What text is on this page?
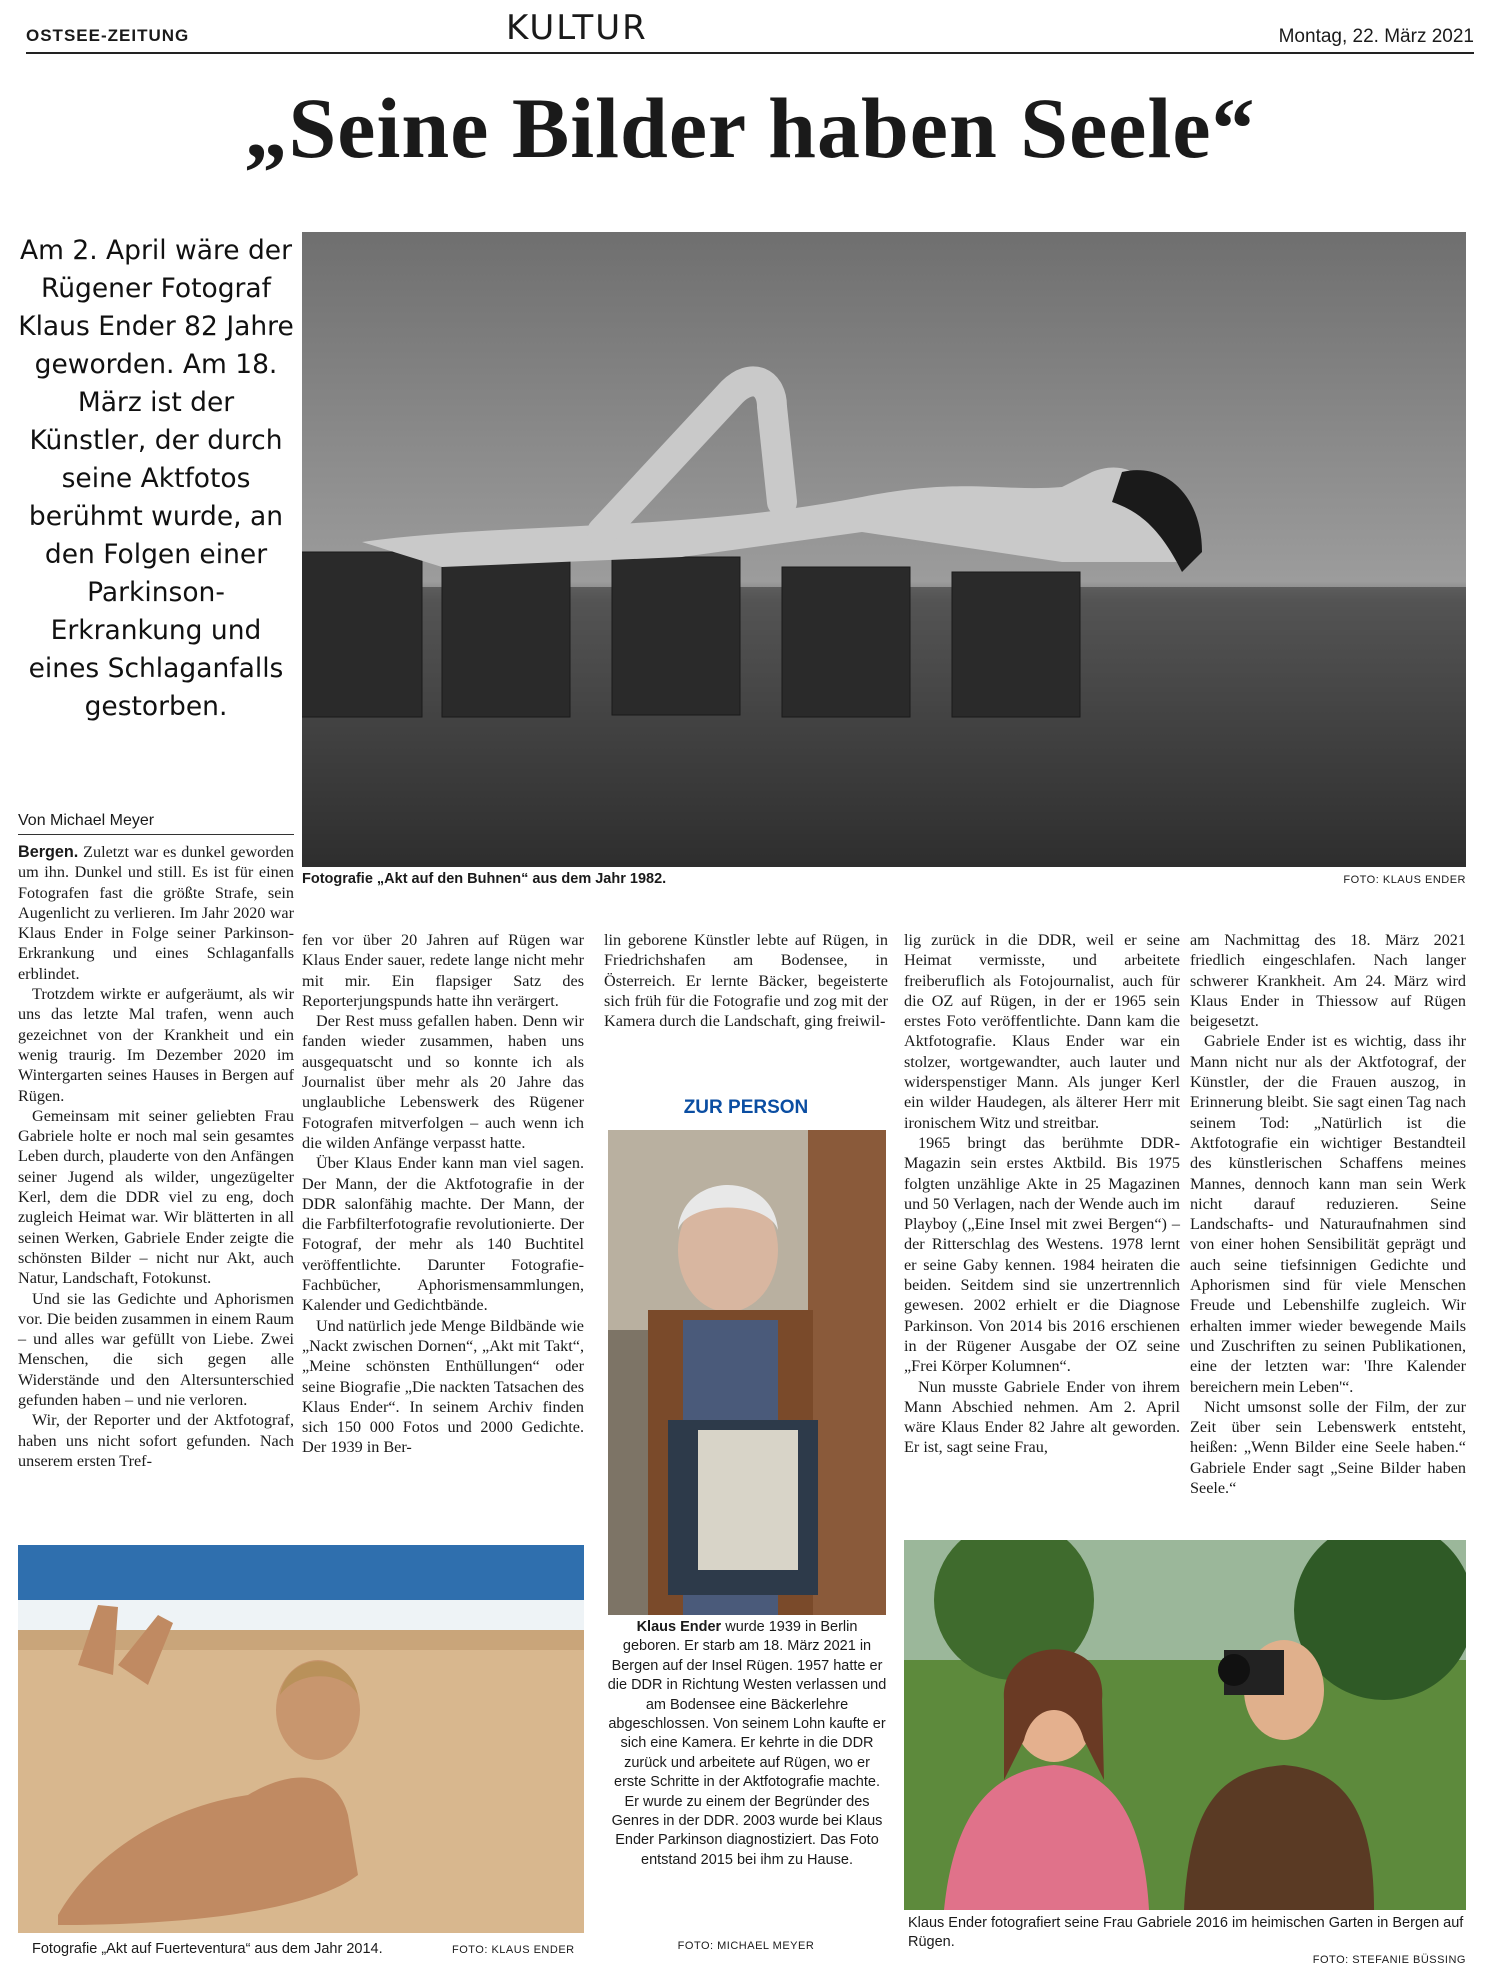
OSTSEE-ZEITUNG	KULTUR	Montag, 22. März 2021
„Seine Bilder haben Seele“
Am 2. April wäre der Rügener Fotograf Klaus Ender 82 Jahre geworden. Am 18. März ist der Künstler, der durch seine Aktfotos berühmt wurde, an den Folgen einer Parkinson-Erkrankung und eines Schlaganfalls gestorben.
Von Michael Meyer
Fotografie „Akt auf den Buhnen“ aus dem Jahr 1982.	FOTO: KLAUS ENDER

Bergen. Zuletzt war es dunkel geworden um ihn. Dunkel und still. Es ist für einen Fotografen fast die größte Strafe, sein Augenlicht zu verlieren. Im Jahr 2020 war Klaus Ender in Folge seiner Parkinson-Erkrankung und eines Schlaganfalls erblindet.

Trotzdem wirkte er aufgeräumt, als wir uns das letzte Mal trafen, wenn auch gezeichnet von der Krankheit und ein wenig traurig. Im Dezember 2020 im Wintergarten seines Hauses in Bergen auf Rügen.

Gemeinsam mit seiner geliebten Frau Gabriele holte er noch mal sein gesamtes Leben durch, plauderte von den Anfängen seiner Jugend als wilder, ungezügelter Kerl, dem die DDR viel zu eng, doch zugleich Heimat war. Wir blätterten in all seinen Werken, Gabriele Ender zeigte die schönsten Bilder – nicht nur Akt, auch Natur, Landschaft, Fotokunst.

Und sie las Gedichte und Aphorismen vor. Die beiden zusammen in einem Raum – und alles war gefüllt von Liebe. Zwei Menschen, die sich gegen alle Widerstände und den Altersunterschied gefunden haben – und nie verloren.

Wir, der Reporter und der Aktfotograf, haben uns nicht sofort gefunden. Nach unserem ersten Tref-

fen vor über 20 Jahren auf Rügen war Klaus Ender sauer, redete lange nicht mehr mit mir. Ein flapsiger Satz des Reporterjungspunds hatte ihn verärgert.

Der Rest muss gefallen haben. Denn wir fanden wieder zusammen, haben uns ausgequatscht und so konnte ich als Journalist über mehr als 20 Jahre das unglaubliche Lebenswerk des Rügener Fotografen mitverfolgen – auch wenn ich die wilden Anfänge verpasst hatte.

Über Klaus Ender kann man viel sagen. Der Mann, der die Aktfotografie in der DDR salonfähig machte. Der Mann, der die Farbfilterfotografie revolutionierte. Der Fotograf, der mehr als 140 Buchtitel veröffentlichte. Darunter Fotografie-Fachbücher, Aphorismensammlungen, Kalender und Gedichtbände.

Und natürlich jede Menge Bildbände wie „Nackt zwischen Dornen“, „Akt mit Takt“, „Meine schönsten Enthüllungen“ oder seine Biografie „Die nackten Tatsachen des Klaus Ender“. In seinem Archiv finden sich 150 000 Fotos und 2000 Gedichte. Der 1939 in Ber-

lin geborene Künstler lebte auf Rügen, in Friedrichshafen am Bodensee, in Österreich. Er lernte Bäcker, begeisterte sich früh für die Fotografie und zog mit der Kamera durch die Landschaft, ging freiwil-

ZUR PERSON
Klaus Ender wurde 1939 in Berlin geboren. Er starb am 18. März 2021 in Bergen auf der Insel Rügen. 1957 hatte er die DDR in Richtung Westen verlassen und am Bodensee eine Bäckerlehre abgeschlossen. Von seinem Lohn kaufte er sich eine Kamera. Er kehrte in die DDR zurück und arbeitete auf Rügen, wo er erste Schritte in der Aktfotografie machte. Er wurde zu einem der Begründer des Genres in der DDR. 2003 wurde bei Klaus Ender Parkinson diagnostiziert. Das Foto entstand 2015 bei ihm zu Hause.
FOTO: MICHAEL MEYER

lig zurück in die DDR, weil er seine Heimat vermisste, und arbeitete freiberuflich als Fotojournalist, auch für die OZ auf Rügen, in der er 1965 sein erstes Foto veröffentlichte. Dann kam die Aktfotografie. Klaus Ender war ein stolzer, wortgewandter, auch lauter und widerspenstiger Mann. Als junger Kerl ein wilder Haudegen, als älterer Herr mit ironischem Witz und streitbar.

1965 bringt das berühmte DDR-Magazin sein erstes Aktbild. Bis 1975 folgten unzählige Akte in 25 Magazinen und 50 Verlagen, nach der Wende auch im Playboy („Eine Insel mit zwei Bergen“) – der Ritterschlag des Westens. 1978 lernt er seine Gaby kennen. 1984 heiraten die beiden. Seitdem sind sie unzertrennlich gewesen. 2002 erhielt er die Diagnose Parkinson. Von 2014 bis 2016 erschienen in der Rügener Ausgabe der OZ seine „Frei Körper Kolumnen“.

Nun musste Gabriele Ender von ihrem Mann Abschied nehmen. Am 2. April wäre Klaus Ender 82 Jahre alt geworden. Er ist, sagt seine Frau,

am Nachmittag des 18. März 2021 friedlich eingeschlafen. Nach langer schwerer Krankheit. Am 24. März wird Klaus Ender in Thiessow auf Rügen beigesetzt.

Gabriele Ender ist es wichtig, dass ihr Mann nicht nur als der Aktfotograf, der Künstler, der die Frauen auszog, in Erinnerung bleibt. Sie sagt einen Tag nach seinem Tod: „Natürlich ist die Aktfotografie ein wichtiger Bestandteil des künstlerischen Schaffens meines Mannes, dennoch kann man sein Werk nicht darauf reduzieren. Seine Landschafts- und Naturaufnahmen sind von einer hohen Sensibilität geprägt und auch seine tiefsinnigen Gedichte und Aphorismen sind für viele Menschen Freude und Lebenshilfe zugleich. Wir erhalten immer wieder bewegende Mails und Zuschriften zu seinen Publikationen, eine der letzten war: 'Ihre Kalender bereichern mein Leben'“.

Nicht umsonst solle der Film, der zur Zeit über sein Lebenswerk entsteht, heißen: „Wenn Bilder eine Seele haben.“ Gabriele Ender sagt „Seine Bilder haben Seele.“

Fotografie „Akt auf Fuerteventura“ aus dem Jahr 2014.	FOTO: KLAUS ENDER
Klaus Ender fotografiert seine Frau Gabriele 2016 im heimischen Garten in Bergen auf Rügen.
FOTO: STEFANIE BÜSSING
